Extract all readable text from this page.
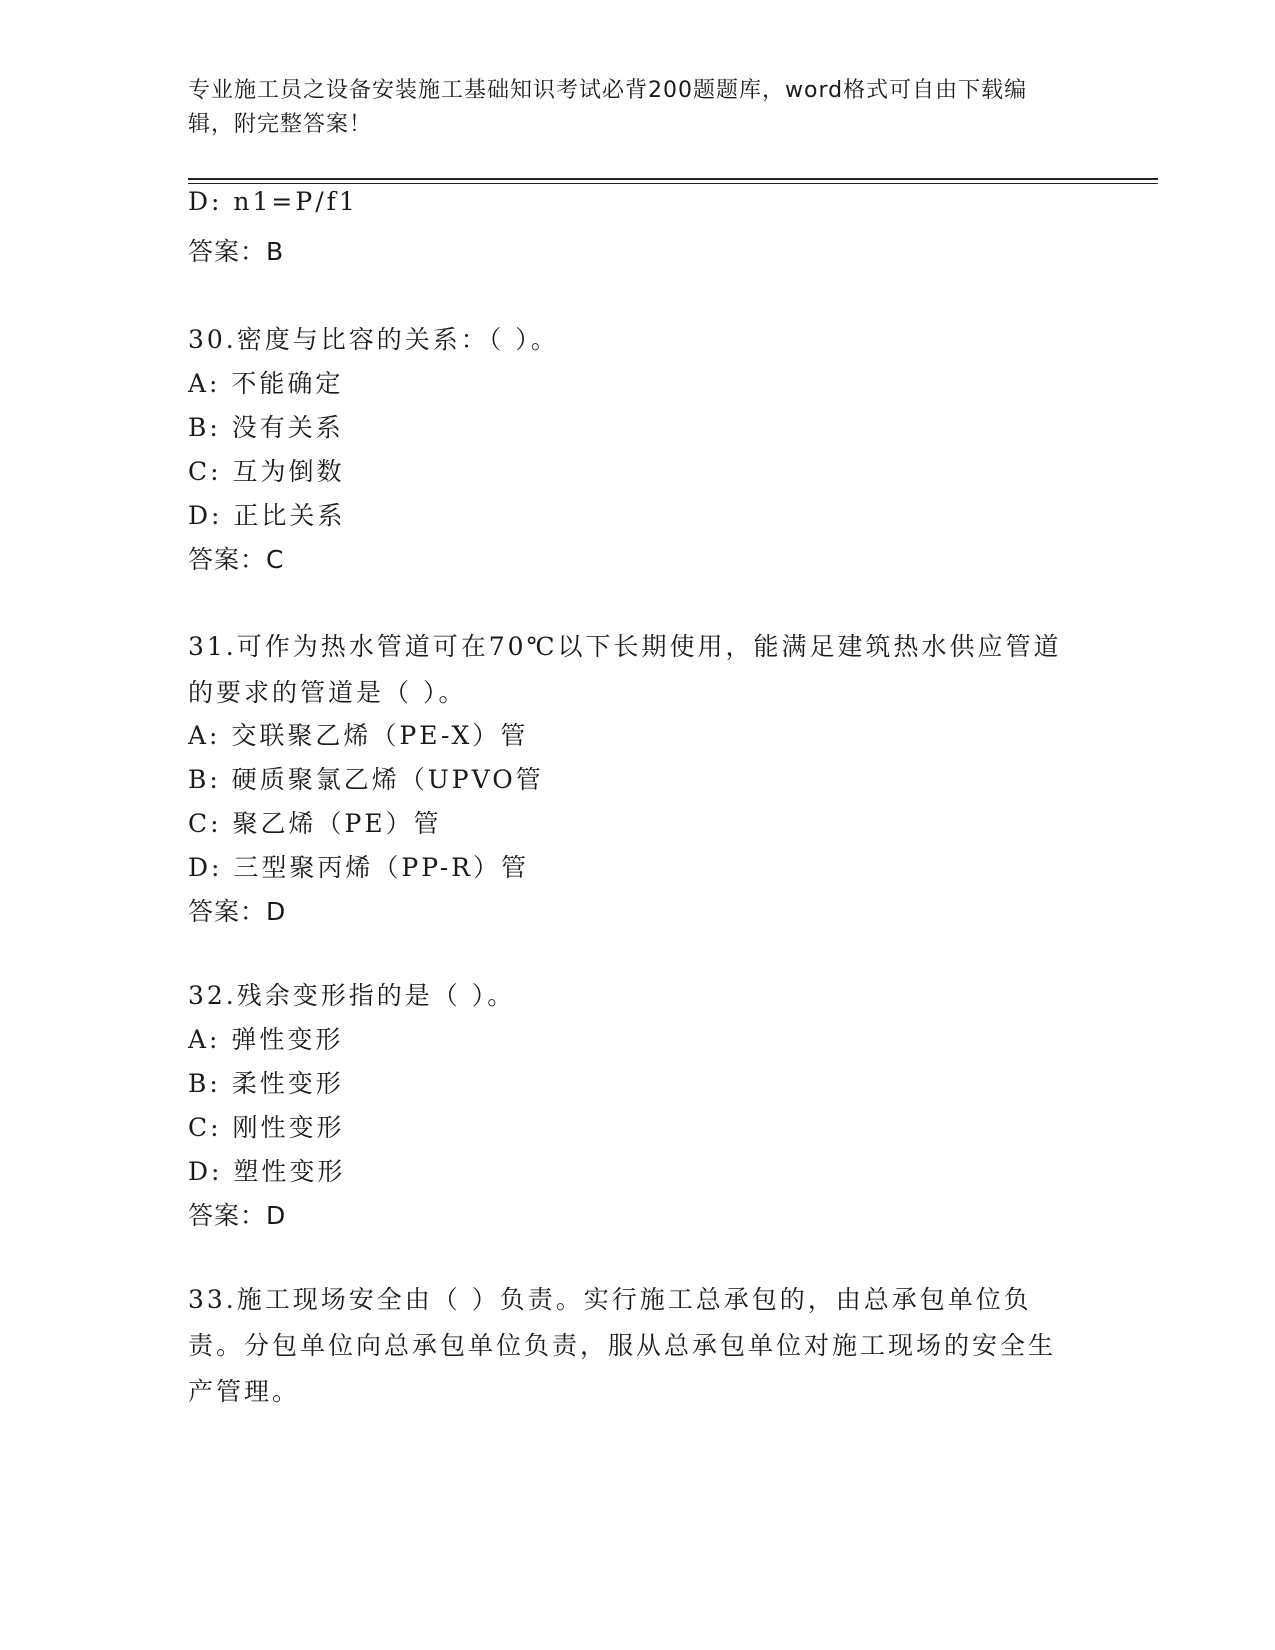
专业施工员之设备安装施工基础知识考试必背200题题库，word格式可自由下载编辑，附完整答案！
D: n1=P/f1
答案：B
30.密度与比容的关系：（ ）。
A: 不能确定
B: 没有关系
C: 互为倒数
D: 正比关系
答案：C
31.可作为热水管道可在70℃以下长期使用，能满足建筑热水供应管道的要求的管道是（ ）。
A: 交联聚乙烯（PE-X）管
B: 硬质聚氯乙烯（UPVO管
C: 聚乙烯（PE）管
D: 三型聚丙烯（PP-R）管
答案：D
32.残余变形指的是（ ）。
A: 弹性变形
B: 柔性变形
C: 刚性变形
D: 塑性变形
答案：D
33.施工现场安全由（ ）负责。实行施工总承包的，由总承包单位负责。分包单位向总承包单位负责，服从总承包单位对施工现场的安全生产管理。
